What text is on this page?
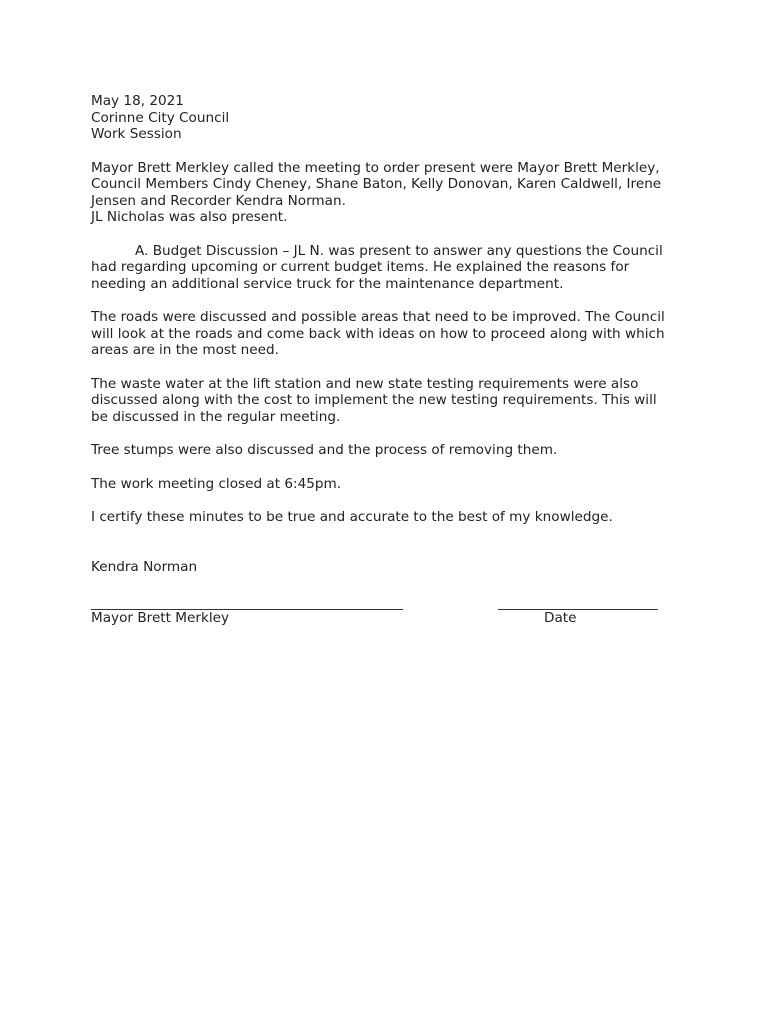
May 18, 2021
Corinne City Council
Work Session
Mayor Brett Merkley called the meeting to order present were Mayor Brett Merkley,
Council Members Cindy Cheney, Shane Baton, Kelly Donovan, Karen Caldwell, Irene
Jensen and Recorder Kendra Norman.
JL Nicholas was also present.
A. Budget Discussion – JL N. was present to answer any questions the Council
had regarding upcoming or current budget items. He explained the reasons for
needing an additional service truck for the maintenance department.
The roads were discussed and possible areas that need to be improved. The Council
will look at the roads and come back with ideas on how to proceed along with which
areas are in the most need.
The waste water at the lift station and new state testing requirements were also
discussed along with the cost to implement the new testing requirements. This will
be discussed in the regular meeting.
Tree stumps were also discussed and the process of removing them.
The work meeting closed at 6:45pm.
I certify these minutes to be true and accurate to the best of my knowledge.
Kendra Norman
Mayor Brett Merkley	Date
